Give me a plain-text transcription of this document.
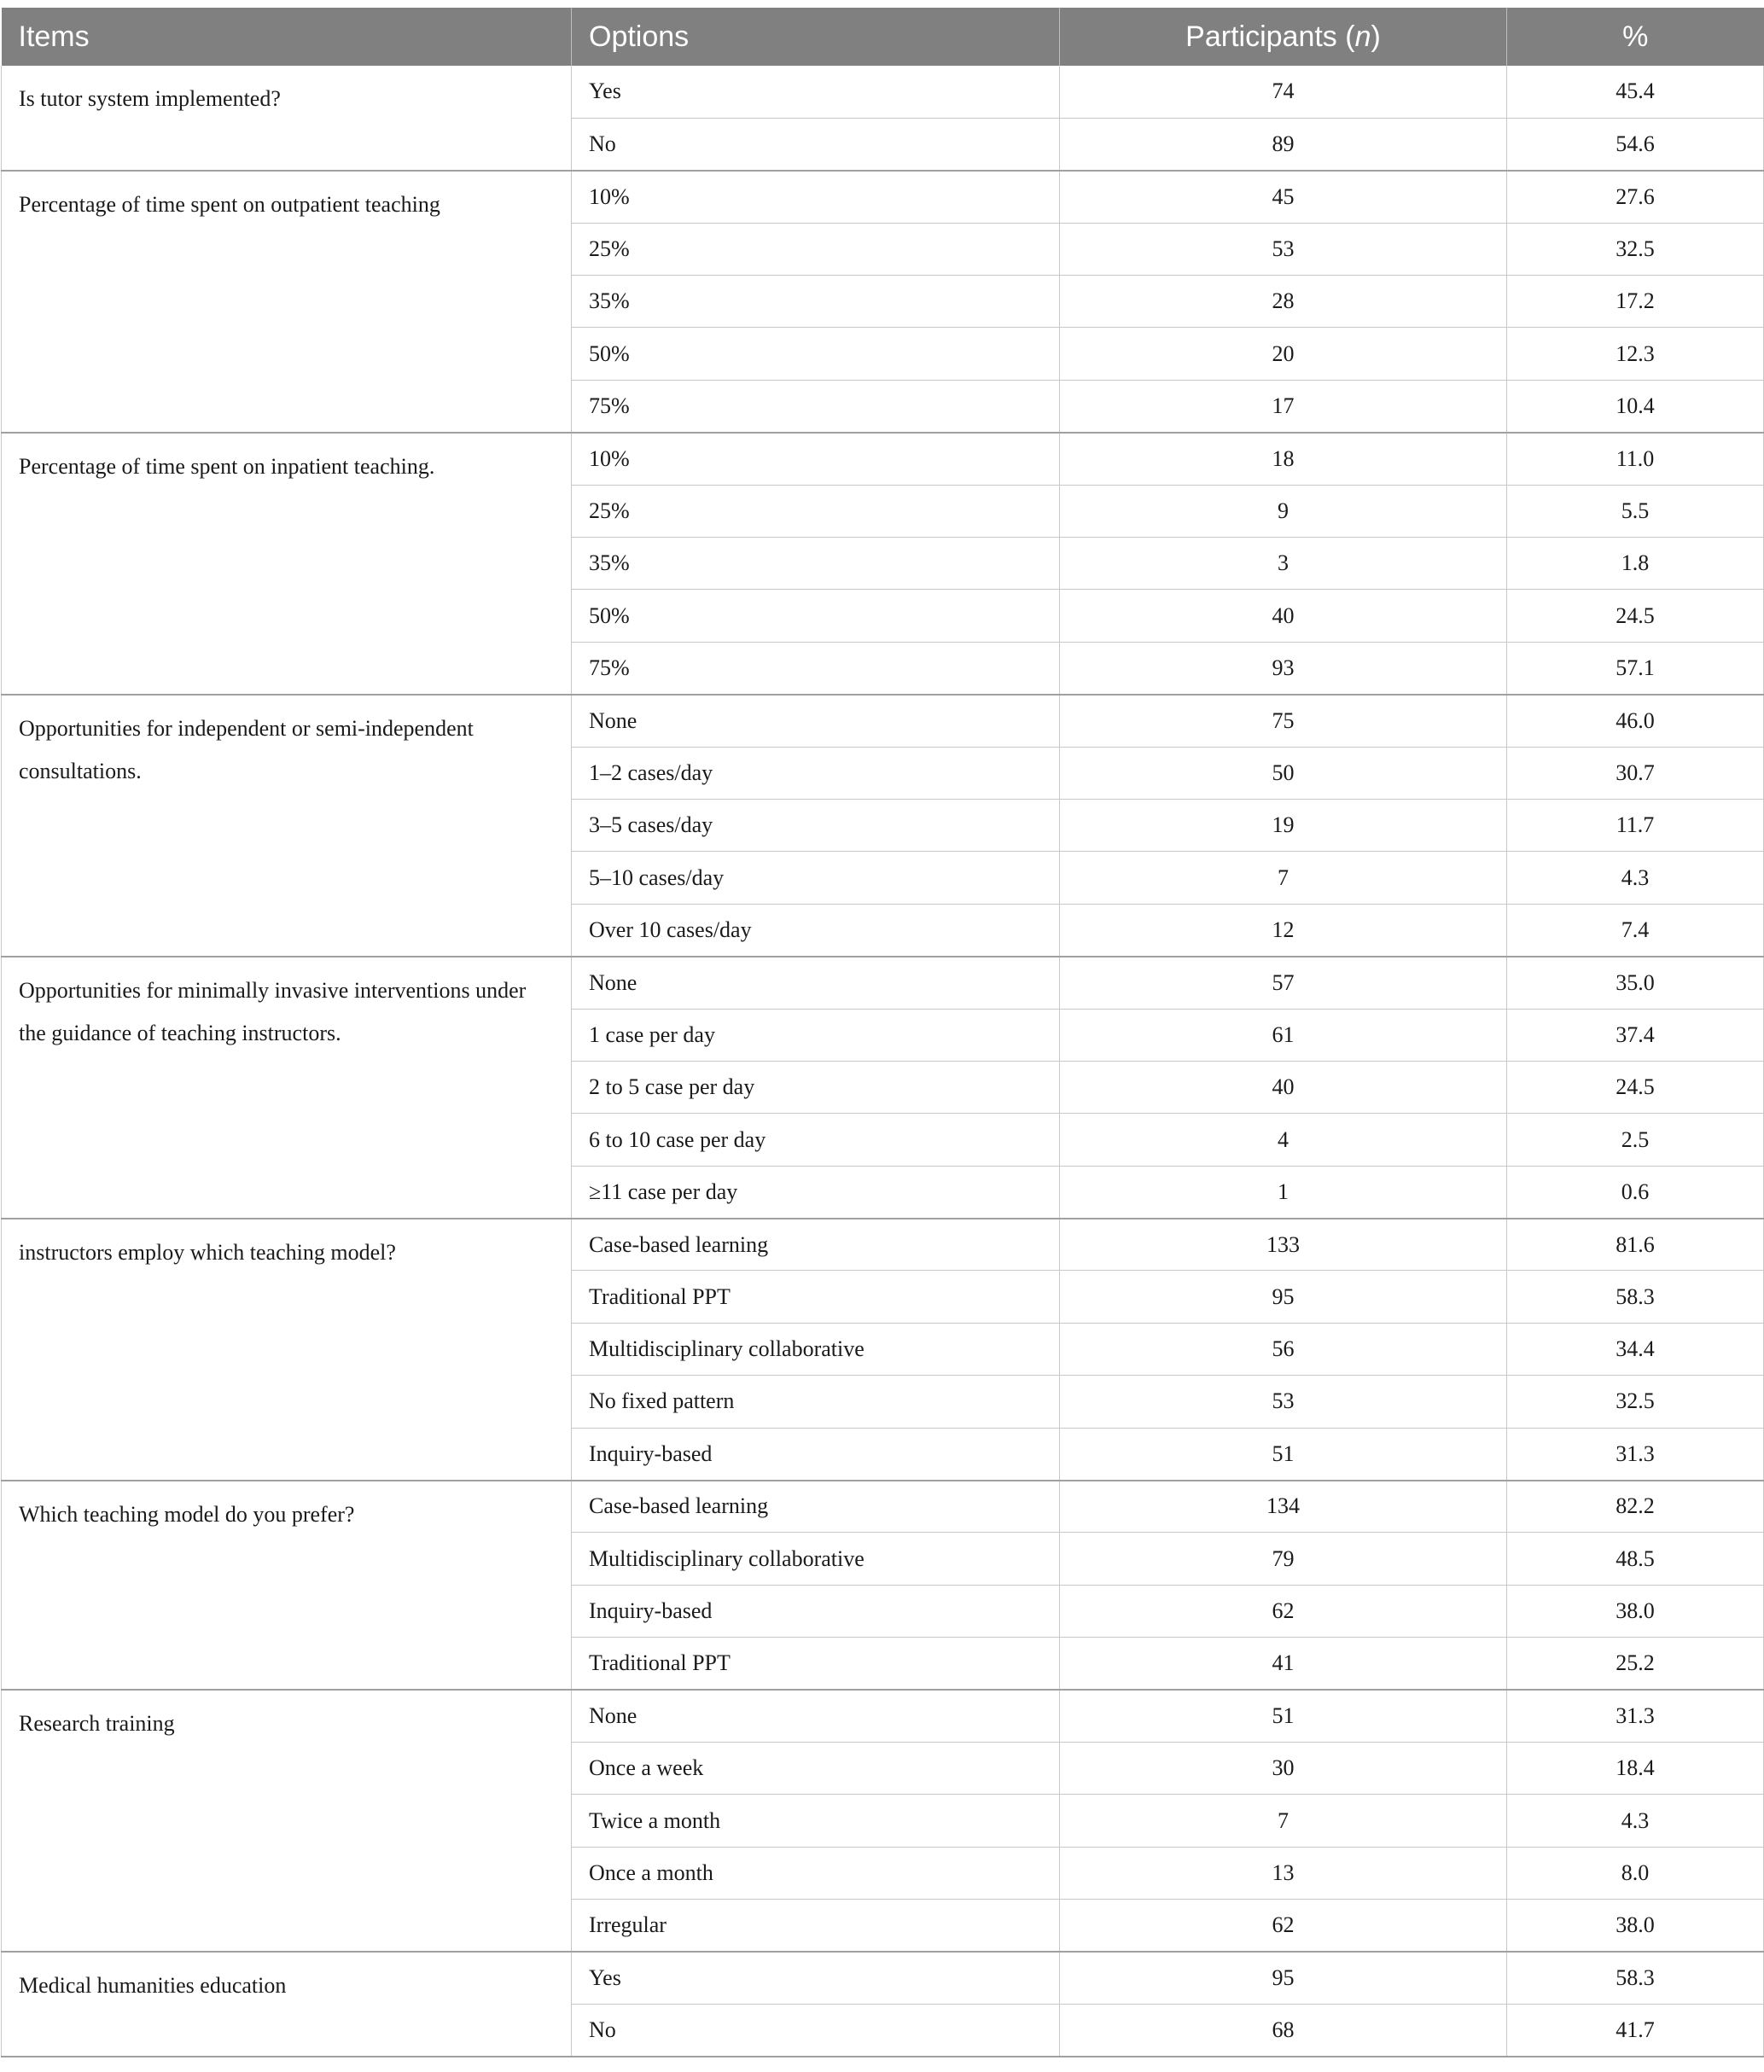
Items	Options	Participants (n)	%
Is tutor system implemented?	Yes	74	45.4
	No	89	54.6
Percentage of time spent on outpatient teaching	10%	45	27.6
	25%	53	32.5
	35%	28	17.2
	50%	20	12.3
	75%	17	10.4
Percentage of time spent on inpatient teaching.	10%	18	11.0
	25%	9	5.5
	35%	3	1.8
	50%	40	24.5
	75%	93	57.1
Opportunities for independent or semi-independent consultations.	None	75	46.0
	1–2 cases/day	50	30.7
	3–5 cases/day	19	11.7
	5–10 cases/day	7	4.3
	Over 10 cases/day	12	7.4
Opportunities for minimally invasive interventions under the guidance of teaching instructors.	None	57	35.0
	1 case per day	61	37.4
	2 to 5 case per day	40	24.5
	6 to 10 case per day	4	2.5
	≥11 case per day	1	0.6
instructors employ which teaching model?	Case-based learning	133	81.6
	Traditional PPT	95	58.3
	Multidisciplinary collaborative	56	34.4
	No fixed pattern	53	32.5
	Inquiry-based	51	31.3
Which teaching model do you prefer?	Case-based learning	134	82.2
	Multidisciplinary collaborative	79	48.5
	Inquiry-based	62	38.0
	Traditional PPT	41	25.2
Research training	None	51	31.3
	Once a week	30	18.4
	Twice a month	7	4.3
	Once a month	13	8.0
	Irregular	62	38.0
Medical humanities education	Yes	95	58.3
	No	68	41.7
